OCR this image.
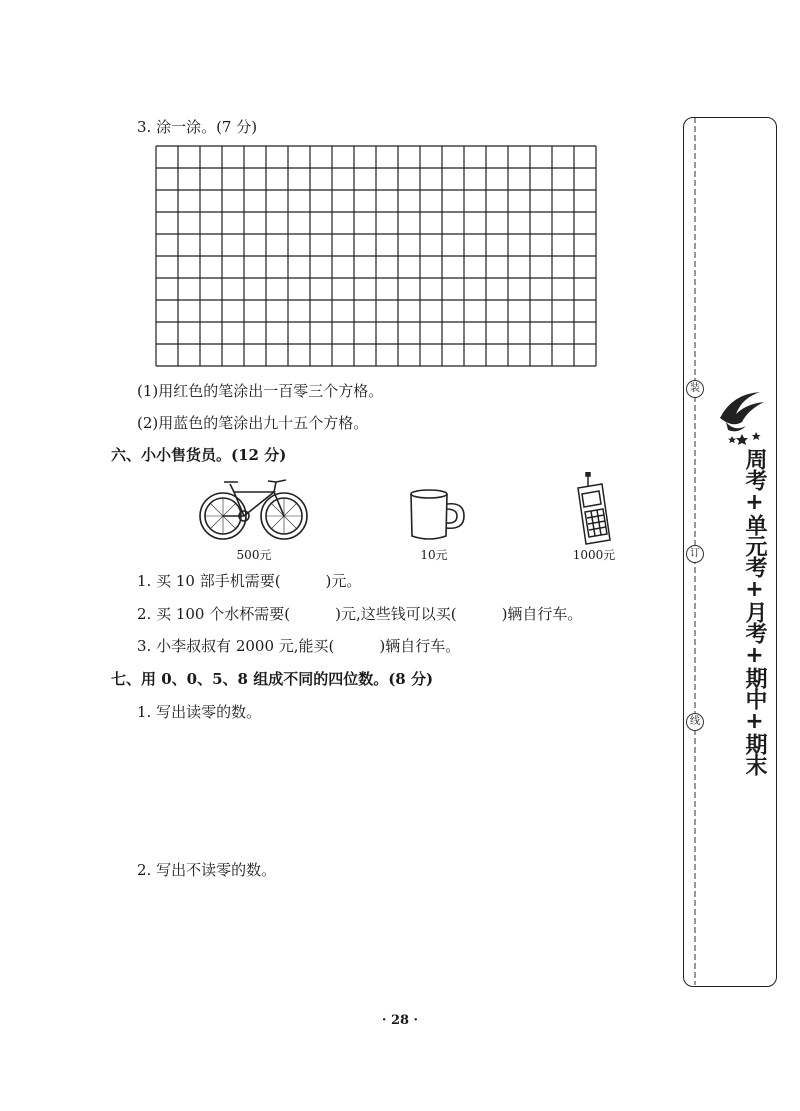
3. 涂一涂。(7 分)
(1)用红色的笔涂出一百零三个方格。
(2)用蓝色的笔涂出九十五个方格。
六、小小售货员。(12 分)
500元	10元	1000元
1. 买 10 部手机需要(　　　)元。
2. 买 100 个水杯需要(　　　)元,这些钱可以买(　　　)辆自行车。
3. 小李叔叔有 2000 元,能买(　　　)辆自行车。
七、用 0、0、5、8 组成不同的四位数。(8 分)
1. 写出读零的数。
2. 写出不读零的数。
装
订
线	周考+单元考+月考+期中+期末
· 28 ·
